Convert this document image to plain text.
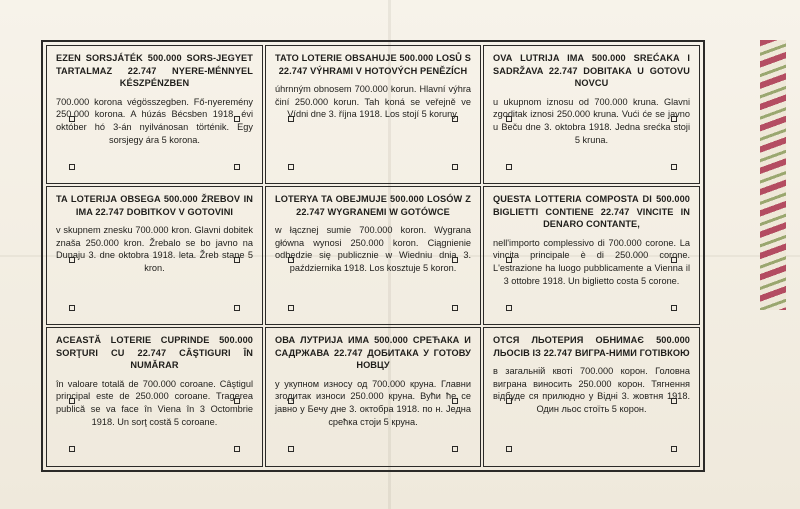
EZEN SORSJÁTÉK 500.000 SORS-JEGYET TARTALMAZ 22.747 NYERE-MÉNNYEL KÉSZPÉNZBEN
700.000 korona végösszegben. Fő-nyeremény 250.000 korona. A húzás Bécsben 1918. évi október hó 3-án nyilvánosan történik. Egy sorsjegy ára 5 korona.
TATO LOTERIE OBSAHUJE 500.000 LOSŮ S 22.747 VÝHRAMI V HOTOVÝCH PENĚZÍCH
úhrnným obnosem 700.000 korun. Hlavní výhra činí 250.000 korun. Tah koná se veřejně ve Vídni dne 3. října 1918. Los stojí 5 koruny.
OVA LUTRIJA IMA 500.000 SREĆAKA I SADRŽAVA 22.747 DOBITAKA U GOTOVU NOVCU
u ukupnom iznosu od 700.000 kruna. Glavni zgoditak iznosi 250.000 kruna. Vući će se javno u Beču dne 3. oktobra 1918. Jedna srećka stoji 5 kruna.
TA LOTERIJA OBSEGA 500.000 ŽREBOV IN IMA 22.747 DOBITKOV V GOTOVINI
v skupnem znesku 700.000 kron. Glavni dobitek znaša 250.000 kron. Žrebalo se bo javno na Dunaju 3. dne oktobra 1918. leta. Žreb stane 5 kron.
LOTERYA TA OBEJMUJE 500.000 LOSÓW Z 22.747 WYGRANEMI W GOTÓWCE
w łącznej sumie 700.000 koron. Wygrana główna wynosi 250.000 koron. Ciągnienie odbędzie się publicznie w Wiedniu dnia 3. października 1918. Los kosztuje 5 koron.
QUESTA LOTTERIA COMPOSTA DI 500.000 BIGLIETTI CONTIENE 22.747 VINCITE IN DENARO CONTANTE,
nell'importo complessivo di 700.000 corone. La vincita principale è di 250.000 corone. L'estrazione ha luogo pubblicamente a Vienna il 3 ottobre 1918. Un biglietto costa 5 corone.
ACEASTĂ LOTERIE CUPRINDE 500.000 SORŢURI CU 22.747 CÂŞTIGURI ÎN NUMĂRAR
în valoare totală de 700.000 coroane. Câştigul principal este de 250.000 coroane. Tragerea publică se va face în Viena în 3 Octombrie 1918. Un sorţ costă 5 coroane.
ОВА ЛУТРИЈА ИМА 500.000 СРЕЋАКА И САДРЖАВА 22.747 ДОБИТАКА У ГОТОВУ НОВЦУ
у укупном износу од 700.000 круна. Главни згодитак износи 250.000 круна. Вући ће се јавно у Бечу дне 3. октобра 1918. по н. Једна срећка стоји 5 круна.
ОТСЯ ЛЬОТЕРИЯ ОБНИМАЄ 500.000 ЛЬОСІВ ІЗ 22.747 ВИГРА-НИМИ ГОТІВКОЮ
в загальній квоті 700.000 корон. Головна виграна виносить 250.000 корон. Тягнення відбуде ся прилюдно у Відні 3. жовтня 1918. Один льос стоїть 5 корон.
